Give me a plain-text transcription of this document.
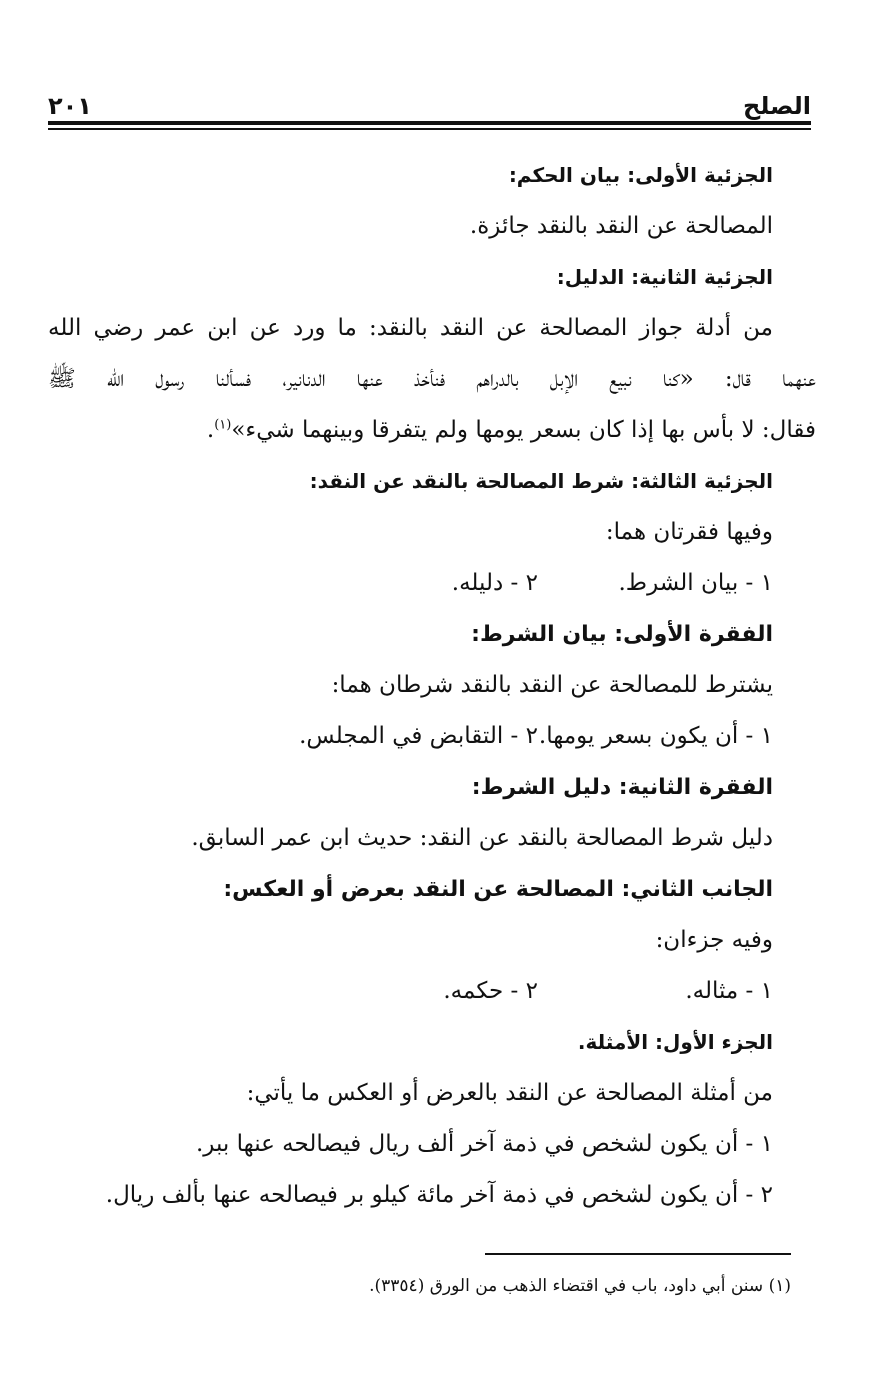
الصلح
٢٠١
الجزئية الأولى: بيان الحكم:
المصالحة عن النقد بالنقد جائزة.
الجزئية الثانية: الدليل:
من أدلة جواز المصالحة عن النقد بالنقد: ما ورد عن ابن عمر رضي الله
عنهما قال: «كنا نبيع الإبل بالدراهم فنأخذ عنها الدنانير، فسألنا رسول الله ﷺ
فقال: لا بأس بها إذا كان بسعر يومها ولم يتفرقا وبينهما شيء»$^{(١)}$.
الجزئية الثالثة: شرط المصالحة بالنقد عن النقد:
وفيها فقرتان هما:
١ - بيان الشرط.
٢ - دليله.
الفقرة الأولى: بيان الشرط:
يشترط للمصالحة عن النقد بالنقد شرطان هما:
١ - أن يكون بسعر يومها.
٢ - التقابض في المجلس.
الفقرة الثانية: دليل الشرط:
دليل شرط المصالحة بالنقد عن النقد: حديث ابن عمر السابق.
الجانب الثاني: المصالحة عن النقد بعرض أو العكس:
وفيه جزءان:
١ - مثاله.
٢ - حكمه.
الجزء الأول: الأمثلة.
من أمثلة المصالحة عن النقد بالعرض أو العكس ما يأتي:
١ - أن يكون لشخص في ذمة آخر ألف ريال فيصالحه عنها ببر.
٢ - أن يكون لشخص في ذمة آخر مائة كيلو بر فيصالحه عنها بألف ريال.
(١) سنن أبي داود، باب في اقتضاء الذهب من الورق (٣٣٥٤).
